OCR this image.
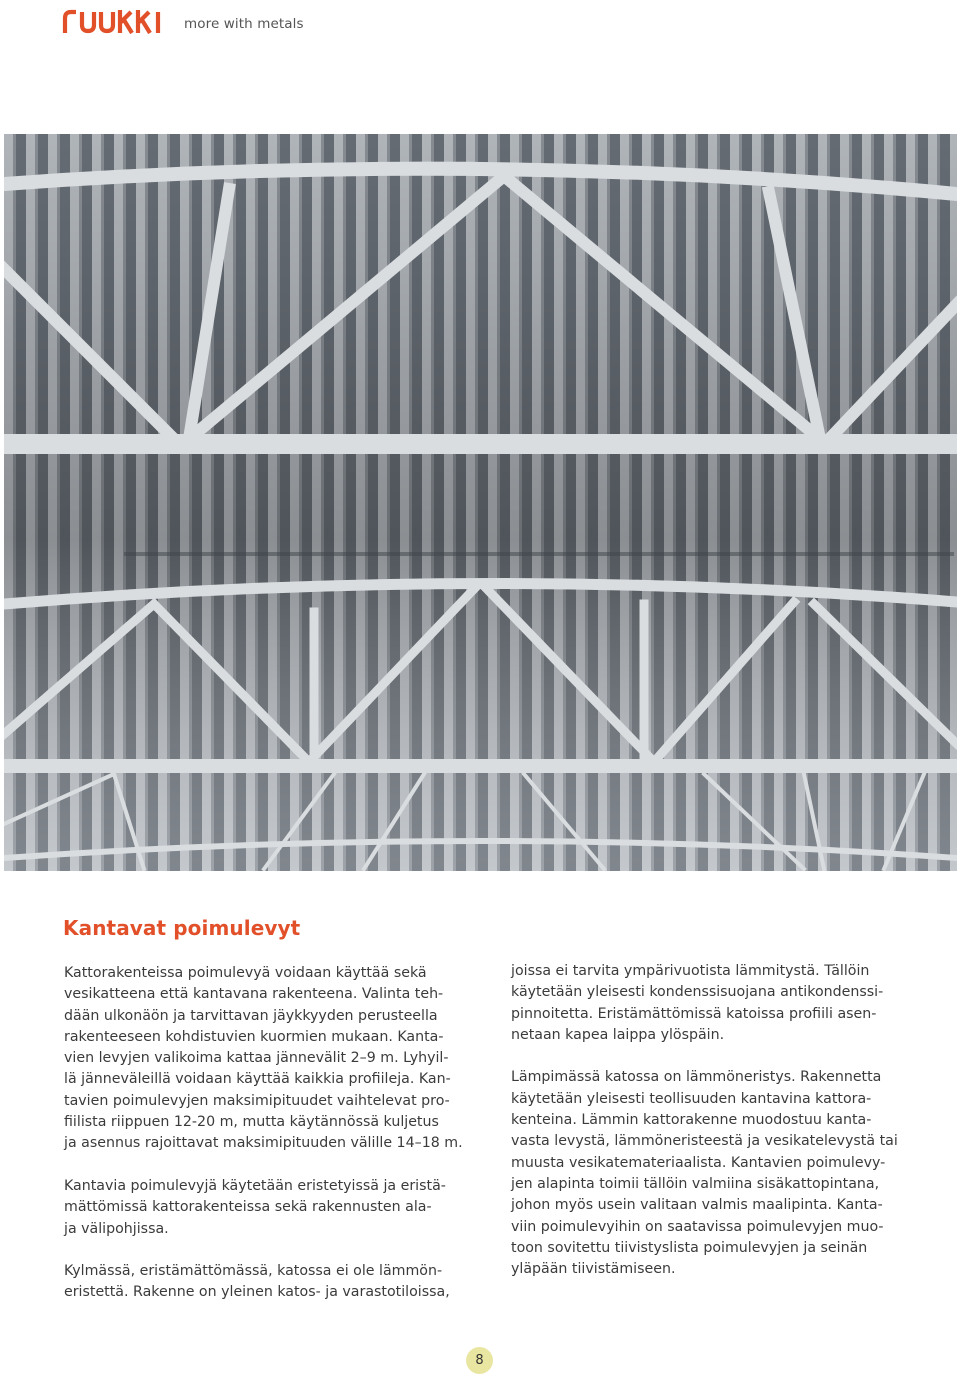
more with metals
Kantavat poimulevyt

Kattorakenteissa poimulevyä voidaan käyttää sekä
vesikatteena että kantavana rakenteena. Valinta teh-
dään ulkonäön ja tarvittavan jäykkyyden perusteella
rakenteeseen kohdistuvien kuormien mukaan. Kanta-
vien levyjen valikoima kattaa jännevälit 2–9 m. Lyhyil-
lä jänneväleillä voidaan käyttää kaikkia profiileja. Kan-
tavien poimulevyjen maksimipituudet vaihtelevat pro-
fiilista riippuen 12-20 m, mutta käytännössä kuljetus
ja asennus rajoittavat maksimipituuden välille 14–18 m.

Kantavia poimulevyjä käytetään eristetyissä ja eristä-
mättömissä kattorakenteissa sekä rakennusten ala-
ja välipohjissa.

Kylmässä, eristämättömässä, katossa ei ole lämmön-
eristettä. Rakenne on yleinen katos- ja varastotiloissa,

joissa ei tarvita ympärivuotista lämmitystä. Tällöin
käytetään yleisesti kondenssisuojana antikondenssi-
pinnoitetta. Eristämättömissä katoissa profiili asen-
netaan kapea laippa ylöspäin.

Lämpimässä katossa on lämmöneristys. Rakennetta
käytetään yleisesti teollisuuden kantavina kattora-
kenteina. Lämmin kattorakenne muodostuu kanta-
vasta levystä, lämmöneristeestä ja vesikatelevystä tai
muusta vesikatemateriaalista. Kantavien poimulevy-
jen alapinta toimii tällöin valmiina sisäkattopintana,
johon myös usein valitaan valmis maalipinta. Kanta-
viin poimulevyihin on saatavissa poimulevyjen muo-
toon sovitettu tiivistyslista poimulevyjen ja seinän
yläpään tiivistämiseen.

8
